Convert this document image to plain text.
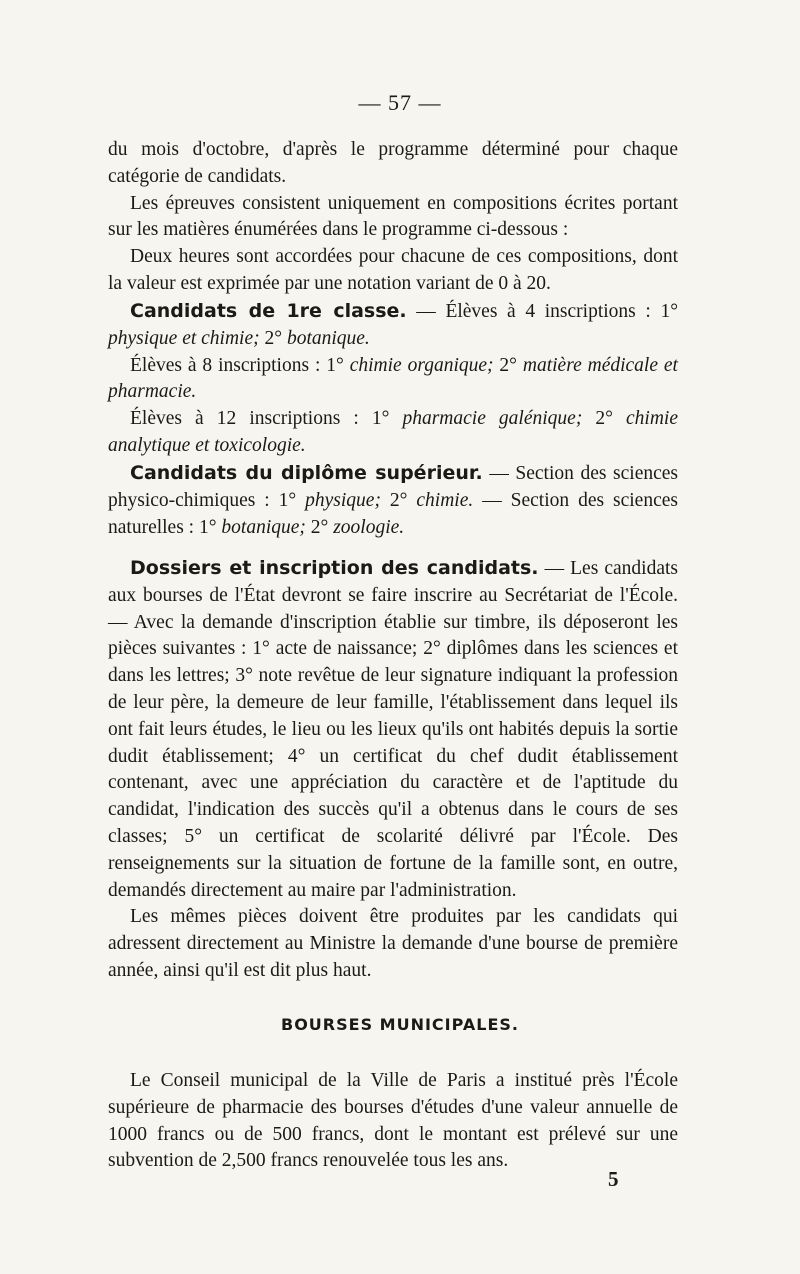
— 57 —

du mois d'octobre, d'après le programme déterminé pour chaque catégorie de candidats.

Les épreuves consistent uniquement en compositions écrites portant sur les matières énumérées dans le programme ci-dessous :

Deux heures sont accordées pour chacune de ces compositions, dont la valeur est exprimée par une notation variant de 0 à 20.

Candidats de 1re classe. — Élèves à 4 inscriptions : 1° physique et chimie; 2° botanique.

Élèves à 8 inscriptions : 1° chimie organique; 2° matière médicale et pharmacie.

Élèves à 12 inscriptions : 1° pharmacie galénique; 2° chimie analytique et toxicologie.

Candidats du diplôme supérieur. — Section des sciences physico-chimiques : 1° physique; 2° chimie. — Section des sciences naturelles : 1° botanique; 2° zoologie.

Dossiers et inscription des candidats. — Les candidats aux bourses de l'État devront se faire inscrire au Secrétariat de l'École. — Avec la demande d'inscription établie sur timbre, ils déposeront les pièces suivantes : 1° acte de naissance; 2° diplômes dans les sciences et dans les lettres; 3° note revêtue de leur signature indiquant la profession de leur père, la demeure de leur famille, l'établissement dans lequel ils ont fait leurs études, le lieu ou les lieux qu'ils ont habités depuis la sortie dudit établissement; 4° un certificat du chef dudit établissement contenant, avec une appréciation du caractère et de l'aptitude du candidat, l'indication des succès qu'il a obtenus dans le cours de ses classes; 5° un certificat de scolarité délivré par l'École. Des renseignements sur la situation de fortune de la famille sont, en outre, demandés directement au maire par l'administration.

Les mêmes pièces doivent être produites par les candidats qui adressent directement au Ministre la demande d'une bourse de première année, ainsi qu'il est dit plus haut.

BOURSES MUNICIPALES.

Le Conseil municipal de la Ville de Paris a institué près l'École supérieure de pharmacie des bourses d'études d'une valeur annuelle de 1000 francs ou de 500 francs, dont le montant est prélevé sur une subvention de 2,500 francs renouvelée tous les ans.

5
